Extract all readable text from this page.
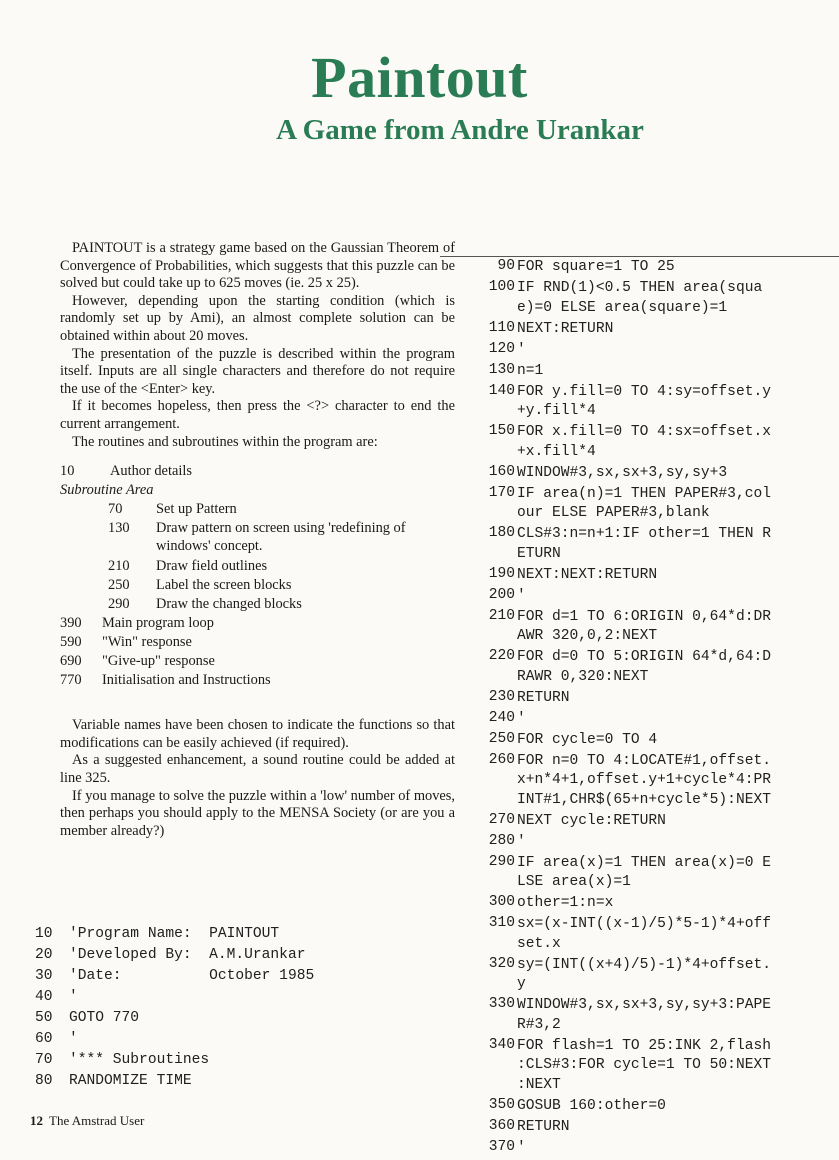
Paintout
A Game from Andre Urankar

PAINTOUT is a strategy game based on the Gaussian Theorem of Convergence of Probabilities, which suggests that this puzzle can be solved but could take up to 625 moves (ie. 25 x 25).

However, depending upon the starting condition (which is randomly set up by Ami), an almost complete solution can be obtained within about 20 moves.

The presentation of the puzzle is described within the program itself. Inputs are all single characters and therefore do not require the use of the <Enter> key.

If it becomes hopeless, then press the <?> character to end the current arrangement.

The routines and subroutines within the program are:

10	Author details
Subroutine Area
70	Set up Pattern
130	Draw pattern on screen using 'redefining of windows' concept.
210	Draw field outlines
250	Label the screen blocks
290	Draw the changed blocks
390	Main program loop
590	"Win" response
690	"Give-up" response
770	Initialisation and Instructions

Variable names have been chosen to indicate the functions so that modifications can be easily achieved (if required).

As a suggested enhancement, a sound routine could be added at line 325.

If you manage to solve the puzzle within a 'low' number of moves, then perhaps you should apply to the MENSA Society (or are you a member already?)

10	'Program Name:  PAINTOUT
20	'Developed By:  A.M.Urankar
30	'Date:          October 1985
40	'
50	GOTO 770
60	'
70	'*** Subroutines
80	RANDOMIZE TIME
90 FOR square=1 TO 25
100 IF RND(1)<0.5 THEN area(squa
e)=0 ELSE area(square)=1
110 NEXT:RETURN
120 '
130 n=1
140 FOR y.fill=0 TO 4:sy=offset.y
+y.fill*4
150 FOR x.fill=0 TO 4:sx=offset.x
+x.fill*4
160 WINDOW#3,sx,sx+3,sy,sy+3
170 IF area(n)=1 THEN PAPER#3,col
our ELSE PAPER#3,blank
180 CLS#3:n=n+1:IF other=1 THEN R
ETURN
190 NEXT:NEXT:RETURN
200 '
210 FOR d=1 TO 6:ORIGIN 0,64*d:DR
AWR 320,0,2:NEXT
220 FOR d=0 TO 5:ORIGIN 64*d,64:D
RAWR 0,320:NEXT
230 RETURN
240 '
250 FOR cycle=0 TO 4
260 FOR n=0 TO 4:LOCATE#1,offset.
x+n*4+1,offset.y+1+cycle*4:PR
INT#1,CHR$(65+n+cycle*5):NEXT
270 NEXT cycle:RETURN
280 '
290 IF area(x)=1 THEN area(x)=0 E
LSE area(x)=1
300 other=1:n=x
310 sx=(x-INT((x-1)/5)*5-1)*4+off
set.x
320 sy=(INT((x+4)/5)-1)*4+offset.
y
330 WINDOW#3,sx,sx+3,sy,sy+3:PAPE
R#3,2
340 FOR flash=1 TO 25:INK 2,flash
:CLS#3:FOR cycle=1 TO 50:NEXT
:NEXT
350 GOSUB 160:other=0
360 RETURN
370 '
12 The Amstrad User
